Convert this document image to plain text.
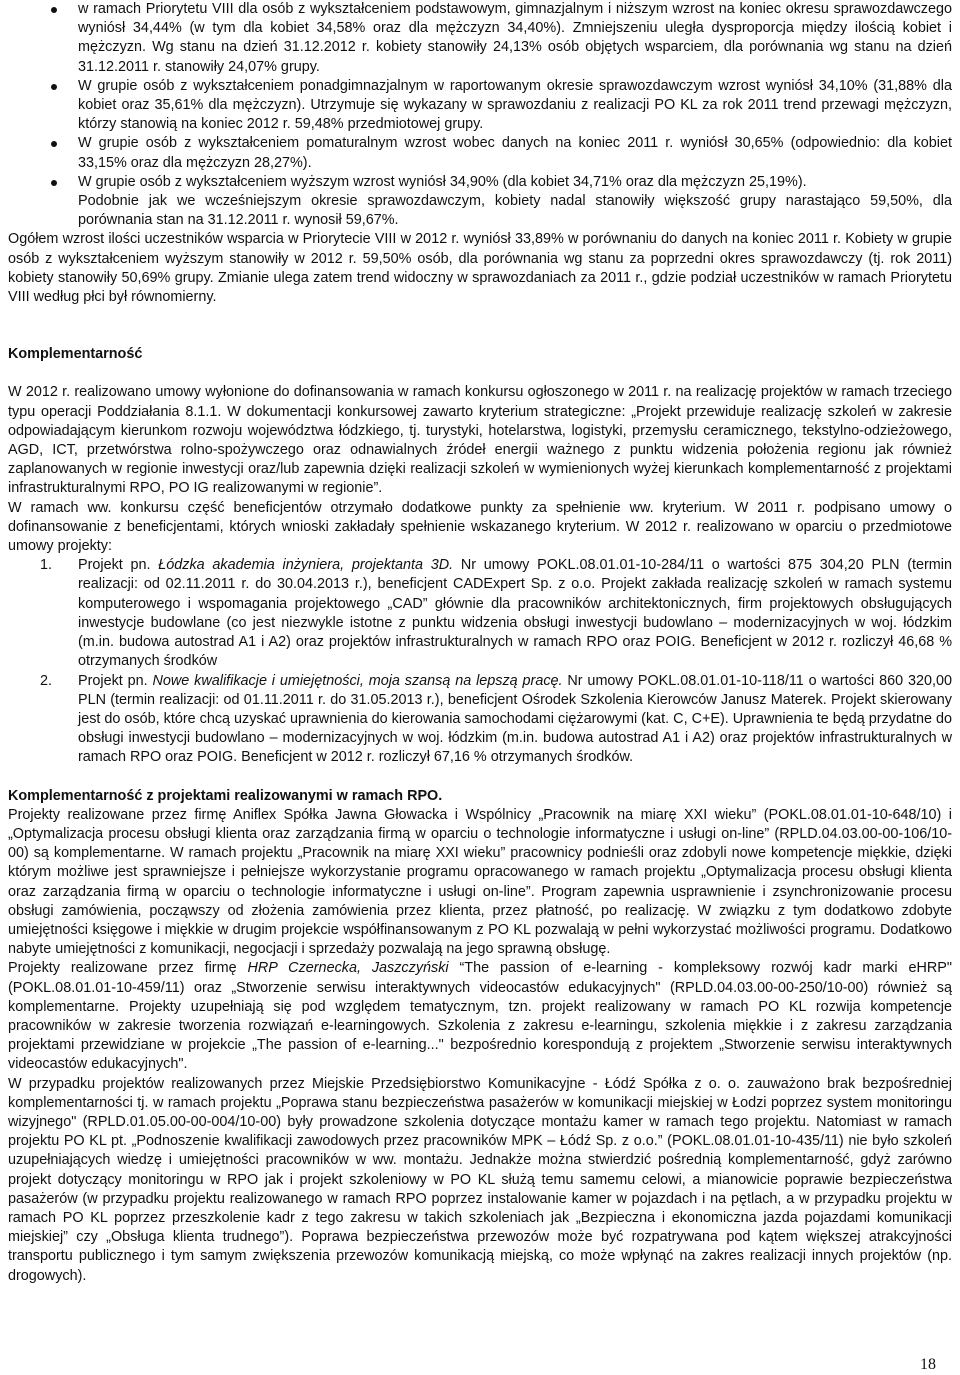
w ramach Priorytetu VIII dla osób z wykształceniem podstawowym, gimnazjalnym i niższym wzrost na koniec okresu sprawozdawczego wyniósł 34,44% (w tym dla kobiet 34,58% oraz dla mężczyzn 34,40%). Zmniejszeniu uległa dysproporcja między ilością kobiet i mężczyzn. Wg stanu na dzień 31.12.2012 r. kobiety stanowiły 24,13% osób objętych wsparciem, dla porównania wg stanu na dzień 31.12.2011 r. stanowiły 24,07% grupy.
W grupie osób z wykształceniem ponadgimnazjalnym w raportowanym okresie sprawozdawczym wzrost wyniósł 34,10% (31,88% dla kobiet oraz 35,61% dla mężczyzn). Utrzymuje się wykazany w sprawozdaniu z realizacji PO KL za rok 2011 trend przewagi mężczyzn, którzy stanowią na koniec 2012 r. 59,48% przedmiotowej grupy.
W grupie osób z wykształceniem pomaturalnym wzrost wobec danych na koniec 2011 r. wyniósł 30,65% (odpowiednio: dla kobiet 33,15% oraz dla mężczyzn 28,27%).
W grupie osób z wykształceniem wyższym wzrost wyniósł 34,90% (dla kobiet 34,71% oraz dla mężczyzn 25,19%).

Podobnie jak we wcześniejszym okresie sprawozdawczym, kobiety nadal stanowiły większość grupy narastająco 59,50%, dla porównania stan na 31.12.2011 r. wynosił 59,67%.

Ogółem wzrost ilości uczestników wsparcia w Priorytecie VIII w 2012 r. wyniósł 33,89% w porównaniu do danych na koniec 2011 r. Kobiety w grupie osób z wykształceniem wyższym stanowiły w 2012 r. 59,50% osób, dla porównania wg stanu za poprzedni okres sprawozdawczy (tj. rok 2011) kobiety stanowiły 50,69% grupy. Zmianie ulega zatem trend widoczny w sprawozdaniach za 2011 r., gdzie podział uczestników w ramach Priorytetu VIII według płci był równomierny.

Komplementarność

W 2012 r. realizowano umowy wyłonione do dofinansowania w ramach konkursu ogłoszonego w 2011 r. na realizację projektów w ramach trzeciego typu operacji Poddziałania 8.1.1. W dokumentacji konkursowej zawarto kryterium strategiczne: „Projekt przewiduje realizację szkoleń w zakresie odpowiadającym kierunkom rozwoju województwa łódzkiego, tj. turystyki, hotelarstwa, logistyki, przemysłu ceramicznego, tekstylno-odzieżowego, AGD, ICT, przetwórstwa rolno-spożywczego oraz odnawialnych źródeł energii ważnego z punktu widzenia położenia regionu jak również zaplanowanych w regionie inwestycji oraz/lub zapewnia dzięki realizacji szkoleń w wymienionych wyżej kierunkach komplementarność z projektami infrastrukturalnymi RPO, PO IG realizowanymi w regionie”.

W ramach ww. konkursu część beneficjentów otrzymało dodatkowe punkty za spełnienie ww. kryterium. W 2011 r. podpisano umowy o dofinansowanie z beneficjentami, których wnioski zakładały spełnienie wskazanego kryterium. W 2012 r. realizowano w oparciu o przedmiotowe umowy projekty:

1. Projekt pn. Łódzka akademia inżyniera, projektanta 3D. Nr umowy POKL.08.01.01-10-284/11 o wartości 875 304,20 PLN (termin realizacji: od 02.11.2011 r. do 30.04.2013 r.), beneficjent CADExpert Sp. z o.o. Projekt zakłada realizację szkoleń w ramach systemu komputerowego i wspomagania projektowego „CAD” głównie dla pracowników architektonicznych, firm projektowych obsługujących inwestycje budowlane (co jest niezwykle istotne z punktu widzenia obsługi inwestycji budowlano – modernizacyjnych w woj. łódzkim (m.in. budowa autostrad A1 i A2) oraz projektów infrastrukturalnych w ramach RPO oraz POIG. Beneficjent w 2012 r. rozliczył 46,68 % otrzymanych środków
2. Projekt pn. Nowe kwalifikacje i umiejętności, moja szansą na lepszą pracę. Nr umowy POKL.08.01.01-10-118/11 o wartości 860 320,00 PLN (termin realizacji: od 01.11.2011 r. do 31.05.2013 r.), beneficjent Ośrodek Szkolenia Kierowców Janusz Materek. Projekt skierowany jest do osób, które chcą uzyskać uprawnienia do kierowania samochodami ciężarowymi (kat. C, C+E). Uprawnienia te będą przydatne do obsługi inwestycji budowlano – modernizacyjnych w woj. łódzkim (m.in. budowa autostrad A1 i A2) oraz projektów infrastrukturalnych w ramach RPO oraz POIG. Beneficjent w 2012 r. rozliczył 67,16 % otrzymanych środków.
Komplementarność z projektami realizowanymi w ramach RPO.

Projekty realizowane przez firmę Aniflex Spółka Jawna Głowacka i Wspólnicy „Pracownik na miarę XXI wieku” (POKL.08.01.01-10-648/10) i „Optymalizacja procesu obsługi klienta oraz zarządzania firmą w oparciu o technologie informatyczne i usługi on-line” (RPLD.04.03.00-00-106/10-00) są komplementarne. W ramach projektu „Pracownik na miarę XXI wieku” pracownicy podnieśli oraz zdobyli nowe kompetencje miękkie, dzięki którym możliwe jest sprawniejsze i pełniejsze wykorzystanie programu opracowanego w ramach projektu „Optymalizacja procesu obsługi klienta oraz zarządzania firmą w oparciu o technologie informatyczne i usługi on-line”. Program zapewnia usprawnienie i zsynchronizowanie procesu obsługi zamówienia, począwszy od złożenia zamówienia przez klienta, przez płatność, po realizację. W związku z tym dodatkowo zdobyte umiejętności księgowe i miękkie w drugim projekcie współfinansowanym z PO KL pozwalają w pełni wykorzystać możliwości programu. Dodatkowo nabyte umiejętności z komunikacji, negocjacji i sprzedaży pozwalają na jego sprawną obsługę.

Projekty realizowane przez firmę HRP Czernecka, Jaszczyński “The passion of e-learning - kompleksowy rozwój kadr marki eHRP" (POKL.08.01.01-10-459/11) oraz „Stworzenie serwisu interaktywnych videocastów edukacyjnych" (RPLD.04.03.00-00-250/10-00) również są komplementarne. Projekty uzupełniają się pod względem tematycznym, tzn. projekt realizowany w ramach PO KL rozwija kompetencje pracowników w zakresie tworzenia rozwiązań e-learningowych. Szkolenia z zakresu e-learningu, szkolenia miękkie i z zakresu zarządzania projektami przewidziane w projekcie „The passion of e-learning..." bezpośrednio korespondują z projektem „Stworzenie serwisu interaktywnych videocastów edukacyjnych".

W przypadku projektów realizowanych przez Miejskie Przedsiębiorstwo Komunikacyjne - Łódź Spółka z o. o. zauważono brak bezpośredniej komplementarności tj. w ramach projektu „Poprawa stanu bezpieczeństwa pasażerów w komunikacji miejskiej w Łodzi poprzez system monitoringu wizyjnego" (RPLD.01.05.00-00-004/10-00) były prowadzone szkolenia dotyczące montażu kamer w ramach tego projektu. Natomiast w ramach projektu PO KL pt. „Podnoszenie kwalifikacji zawodowych przez pracowników MPK – Łódź Sp. z o.o.” (POKL.08.01.01-10-435/11) nie było szkoleń uzupełniających wiedzę i umiejętności pracowników w ww. montażu. Jednakże można stwierdzić pośrednią komplementarność, gdyż zarówno projekt dotyczący monitoringu w RPO jak i projekt szkoleniowy w PO KL służą temu samemu celowi, a mianowicie poprawie bezpieczeństwa pasażerów (w przypadku projektu realizowanego w ramach RPO poprzez instalowanie kamer w pojazdach i na pętlach, a w przypadku projektu w ramach PO KL poprzez przeszkolenie kadr z tego zakresu w takich szkoleniach jak „Bezpieczna i ekonomiczna jazda pojazdami komunikacji miejskiej” czy „Obsługa klienta trudnego”). Poprawa bezpieczeństwa przewozów może być rozpatrywana pod kątem większej atrakcyjności transportu publicznego i tym samym zwiększenia przewozów komunikacją miejską, co może wpłynąć na zakres realizacji innych projektów (np. drogowych).

18
